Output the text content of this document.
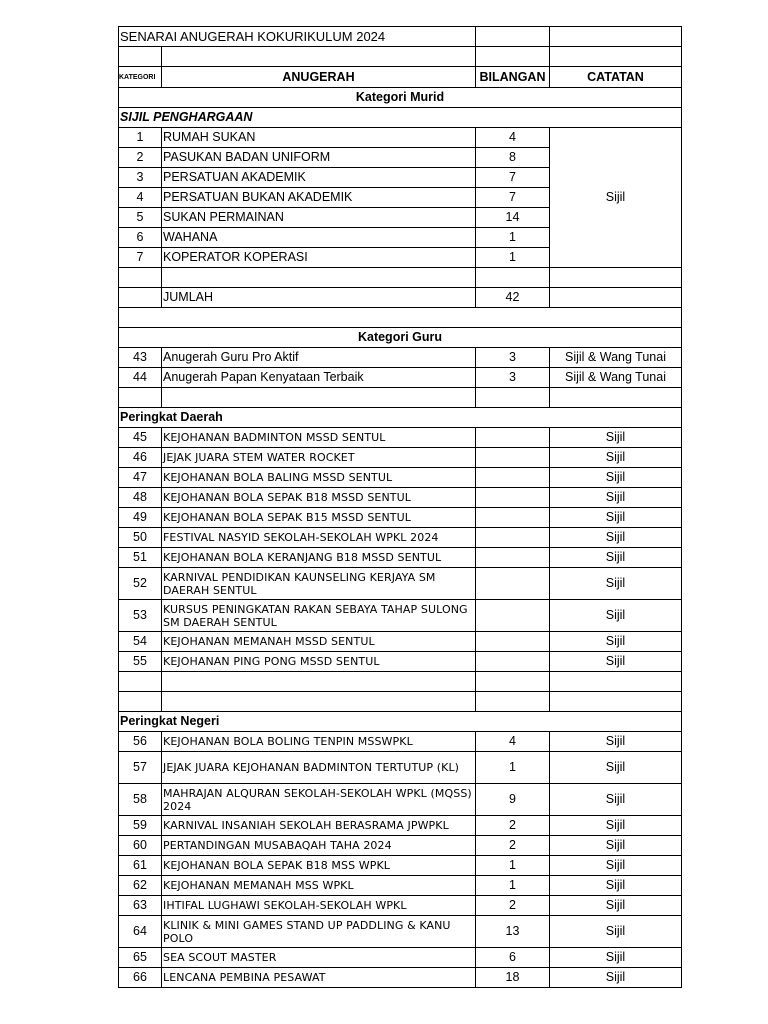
SENARAI ANUGERAH KOKURIKULUM 2024			

KATEGORI	ANUGERAH	BILANGAN	CATATAN
Kategori Murid			
SIJIL PENGHARGAAN			
1	RUMAH SUKAN	4	Sijil
2	PASUKAN BADAN UNIFORM	8	
3	PERSATUAN AKADEMIK	7	
4	PERSATUAN BUKAN AKADEMIK	7	
5	SUKAN PERMAINAN	14	
6	WAHANA	1	
7	KOPERATOR KOPERASI	1	

	JUMLAH	42	

Kategori Guru			
43	Anugerah Guru Pro Aktif	3	Sijil & Wang Tunai
44	Anugerah Papan Kenyataan Terbaik	3	Sijil & Wang Tunai

Peringkat Daerah			
45	KEJOHANAN BADMINTON MSSD SENTUL		Sijil
46	JEJAK JUARA STEM WATER ROCKET		Sijil
47	KEJOHANAN BOLA BALING MSSD SENTUL		Sijil
48	KEJOHANAN BOLA SEPAK B18 MSSD SENTUL		Sijil
49	KEJOHANAN BOLA SEPAK B15 MSSD SENTUL		Sijil
50	FESTIVAL NASYID SEKOLAH-SEKOLAH WPKL 2024		Sijil
51	KEJOHANAN BOLA KERANJANG B18 MSSD SENTUL		Sijil
52	KARNIVAL PENDIDIKAN KAUNSELING KERJAYA SM DAERAH SENTUL		Sijil
53	KURSUS PENINGKATAN RAKAN SEBAYA TAHAP SULONG SM DAERAH SENTUL		Sijil
54	KEJOHANAN MEMANAH MSSD SENTUL		Sijil
55	KEJOHANAN PING PONG MSSD SENTUL		Sijil

Peringkat Negeri			
56	KEJOHANAN BOLA BOLING TENPIN MSSWPKL	4	Sijil
57	JEJAK JUARA KEJOHANAN BADMINTON TERTUTUP (KL)	1	Sijil
58	MAHRAJAN ALQURAN SEKOLAH-SEKOLAH WPKL (MQSS) 2024	9	Sijil
59	KARNIVAL INSANIAH SEKOLAH BERASRAMA JPWPKL	2	Sijil
60	PERTANDINGAN MUSABAQAH TAHA 2024	2	Sijil
61	KEJOHANAN BOLA SEPAK B18 MSS WPKL	1	Sijil
62	KEJOHANAN MEMANAH MSS WPKL	1	Sijil
63	IHTIFAL LUGHAWI SEKOLAH-SEKOLAH WPKL	2	Sijil
64	KLINIK & MINI GAMES STAND UP PADDLING & KANU POLO	13	Sijil
65	SEA SCOUT MASTER	6	Sijil
66	LENCANA PEMBINA PESAWAT	18	Sijil
